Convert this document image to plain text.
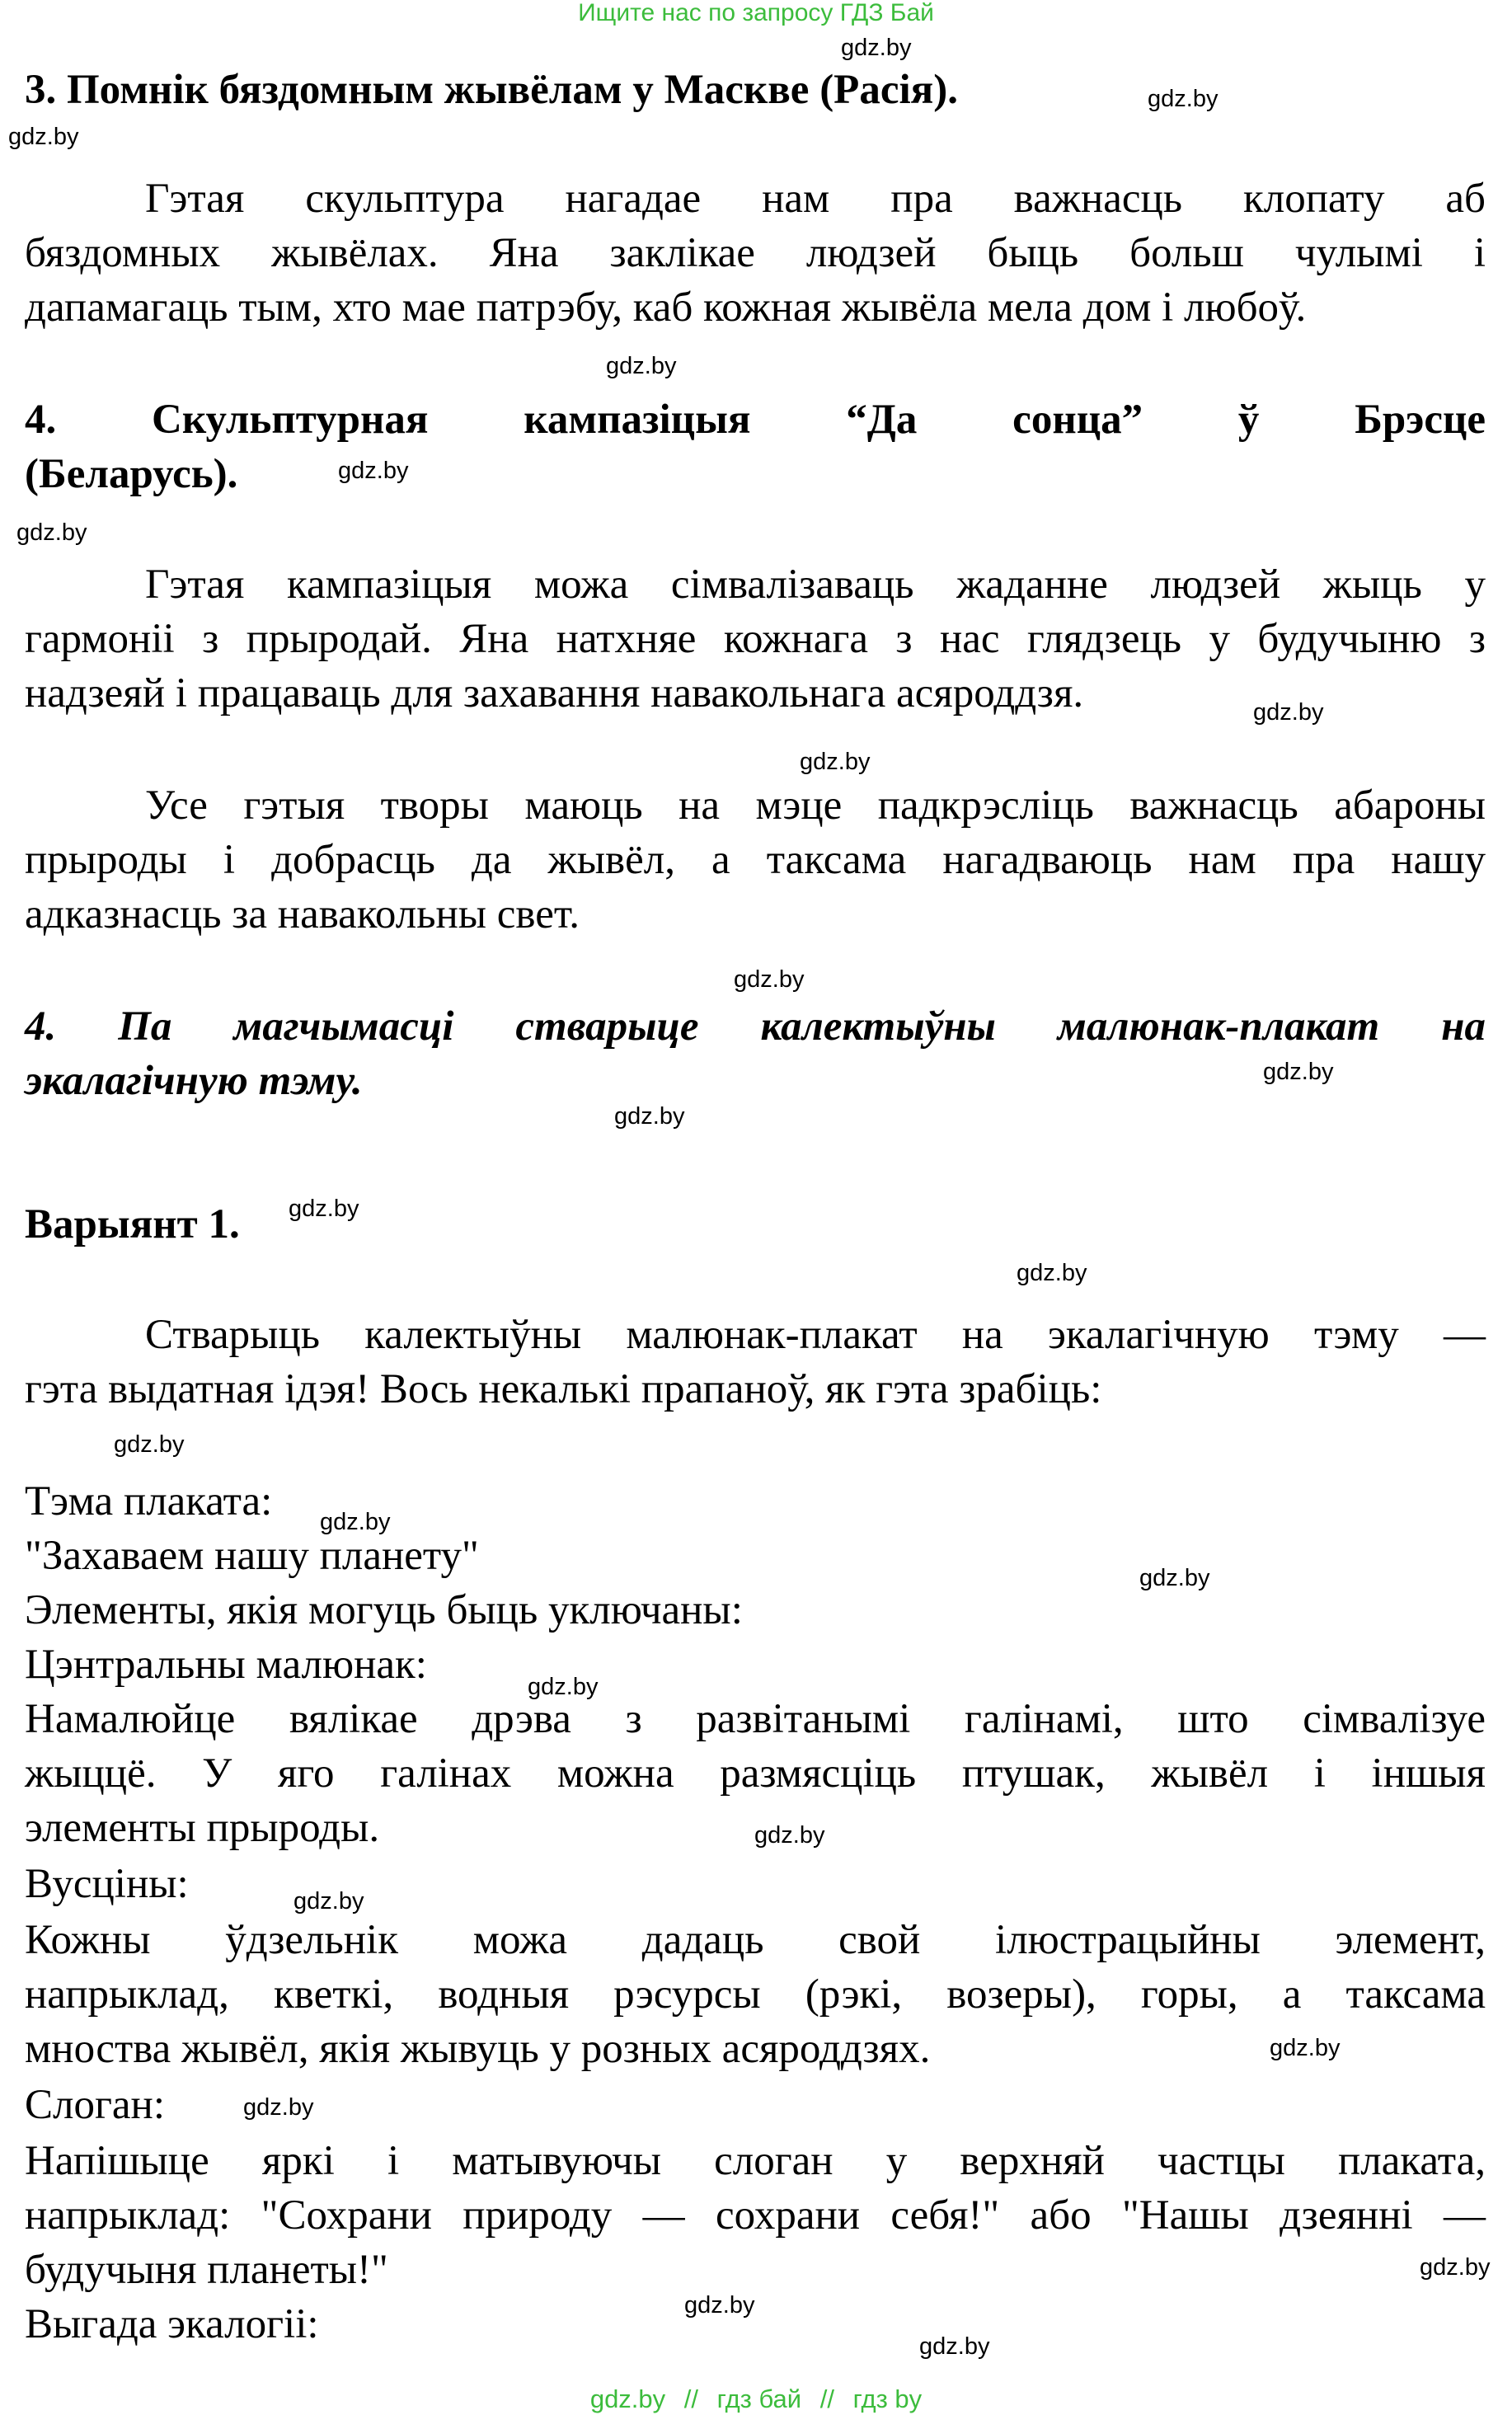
Ищите нас по запросу ГДЗ Бай
gdz.by
gdz.by
gdz.by
gdz.by
gdz.by
gdz.by
gdz.by
gdz.by
gdz.by
gdz.by
gdz.by
gdz.by
gdz.by
gdz.by
gdz.by
gdz.by
gdz.by
gdz.by
gdz.by
gdz.by
gdz.by
gdz.by
gdz.by
gdz.by

3. Помнік бяздомным жывёлам у Маскве (Расія).

Гэтая скульптура нагадае нам пра важнасць клопату аб

бяздомных жывёлах. Яна заклікае людзей быць больш чулымі і

дапамагаць тым, хто мае патрэбу, каб кожная жывёла мела дом і любоў.

4. Скульптурная кампазіцыя “Да сонца” ў Брэсце

(Беларусь).

Гэтая кампазіцыя можа сімвалізаваць жаданне людзей жыць у

гармоніі з прыродай. Яна натхняе кожнага з нас глядзець у будучыню з

надзеяй і працаваць для захавання навакольнага асяроддзя.

Усе гэтыя творы маюць на мэце падкрэсліць важнасць абароны

прыроды і добрасць да жывёл, а таксама нагадваюць нам пра нашу

адказнасць за навакольны свет.

4. Па магчымасці стварыце калектыўны малюнак-плакат на

экалагічную тэму.

Варыянт 1.

Стварыць калектыўны малюнак-плакат на экалагічную тэму —

гэта выдатная ідэя! Вось некалькі прапаноў, як гэта зрабіць:

Тэма плаката:

"Захаваем нашу планету"

Элементы, якія могуць быць уключаны:

Цэнтральны малюнак:

Намалюйце вялікае дрэва з развітанымі галінамі, што сімвалізуе

жыццё. У яго галінах можна размясціць птушак, жывёл і іншыя

элементы прыроды.

Вусціны:

Кожны ўдзельнік можа дадаць свой ілюстрацыйны элемент,

напрыклад, кветкі, водныя рэсурсы (рэкі, возеры), горы, а таксама

мноства жывёл, якія жывуць у розных асяроддзях.

Слоган:

Напішыце яркі і матывуючы слоган у верхняй частцы плаката,

напрыклад: "Сохрани природу — сохрани себя!" або "Нашы дзеянні —

будучыня планеты!"

Выгада экалогіі:

gdz.by // гдз бай // гдз by
